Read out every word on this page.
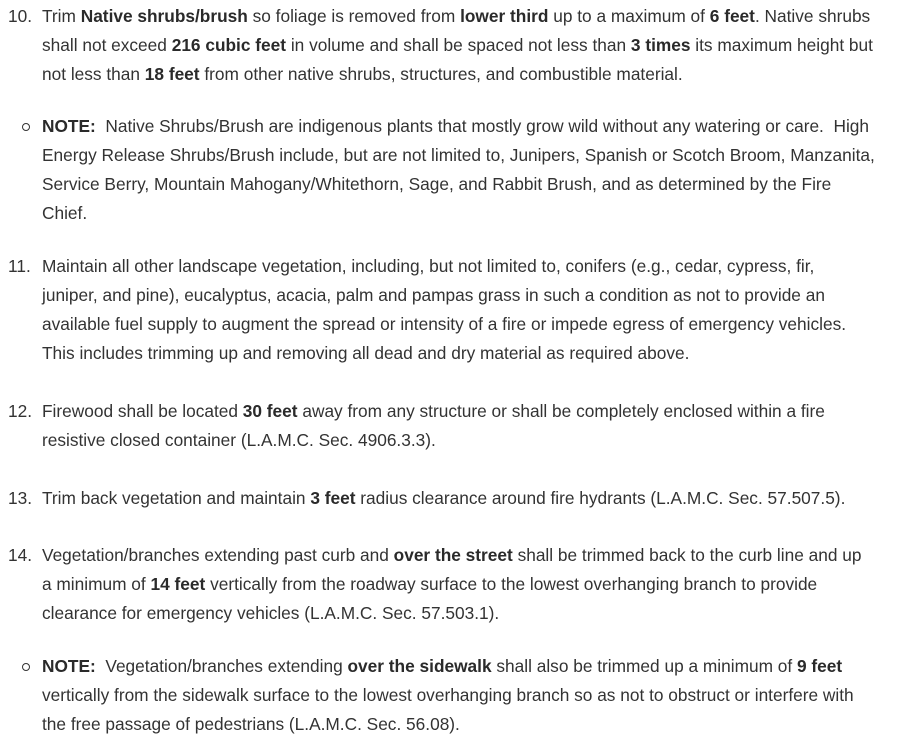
10. Trim Native shrubs/brush so foliage is removed from lower third up to a maximum of 6 feet. Native shrubs
shall not exceed 216 cubic feet in volume and shall be spaced not less than 3 times its maximum height but
not less than 18 feet from other native shrubs, structures, and combustible material.
NOTE:  Native Shrubs/Brush are indigenous plants that mostly grow wild without any watering or care.  High
Energy Release Shrubs/Brush include, but are not limited to, Junipers, Spanish or Scotch Broom, Manzanita,
Service Berry, Mountain Mahogany/Whitethorn, Sage, and Rabbit Brush, and as determined by the Fire
Chief.
11. Maintain all other landscape vegetation, including, but not limited to, conifers (e.g., cedar, cypress, fir,
juniper, and pine), eucalyptus, acacia, palm and pampas grass in such a condition as not to provide an
available fuel supply to augment the spread or intensity of a fire or impede egress of emergency vehicles.
This includes trimming up and removing all dead and dry material as required above.
12. Firewood shall be located 30 feet away from any structure or shall be completely enclosed within a fire
resistive closed container (L.A.M.C. Sec. 4906.3.3).
13. Trim back vegetation and maintain 3 feet radius clearance around fire hydrants (L.A.M.C. Sec. 57.507.5).
14. Vegetation/branches extending past curb and over the street shall be trimmed back to the curb line and up
a minimum of 14 feet vertically from the roadway surface to the lowest overhanging branch to provide
clearance for emergency vehicles (L.A.M.C. Sec. 57.503.1).
NOTE:  Vegetation/branches extending over the sidewalk shall also be trimmed up a minimum of 9 feet
vertically from the sidewalk surface to the lowest overhanging branch so as not to obstruct or interfere with
the free passage of pedestrians (L.A.M.C. Sec. 56.08).
